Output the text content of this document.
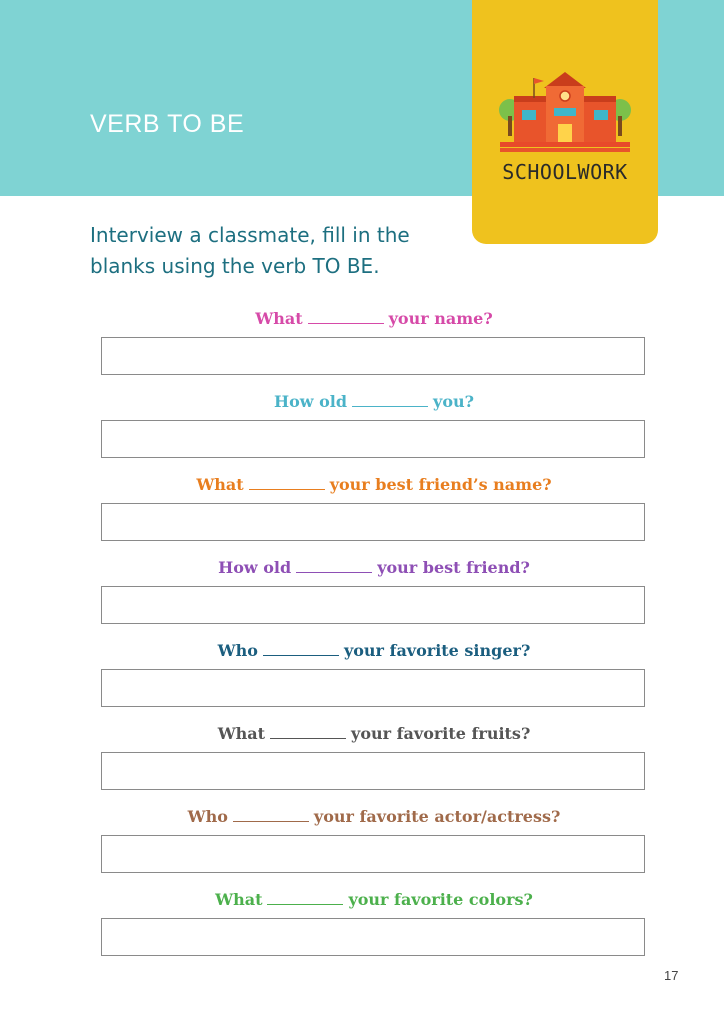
VERB TO BE
SCHOOLWORK
Interview a classmate, fill in the
blanks using the verb TO BE.
What	your name?
How old	you?
What	your best friend’s name?
How old	your best friend?
Who	your favorite singer?
What	your favorite fruits?
Who	your favorite actor/actress?
What	your favorite colors?
17
